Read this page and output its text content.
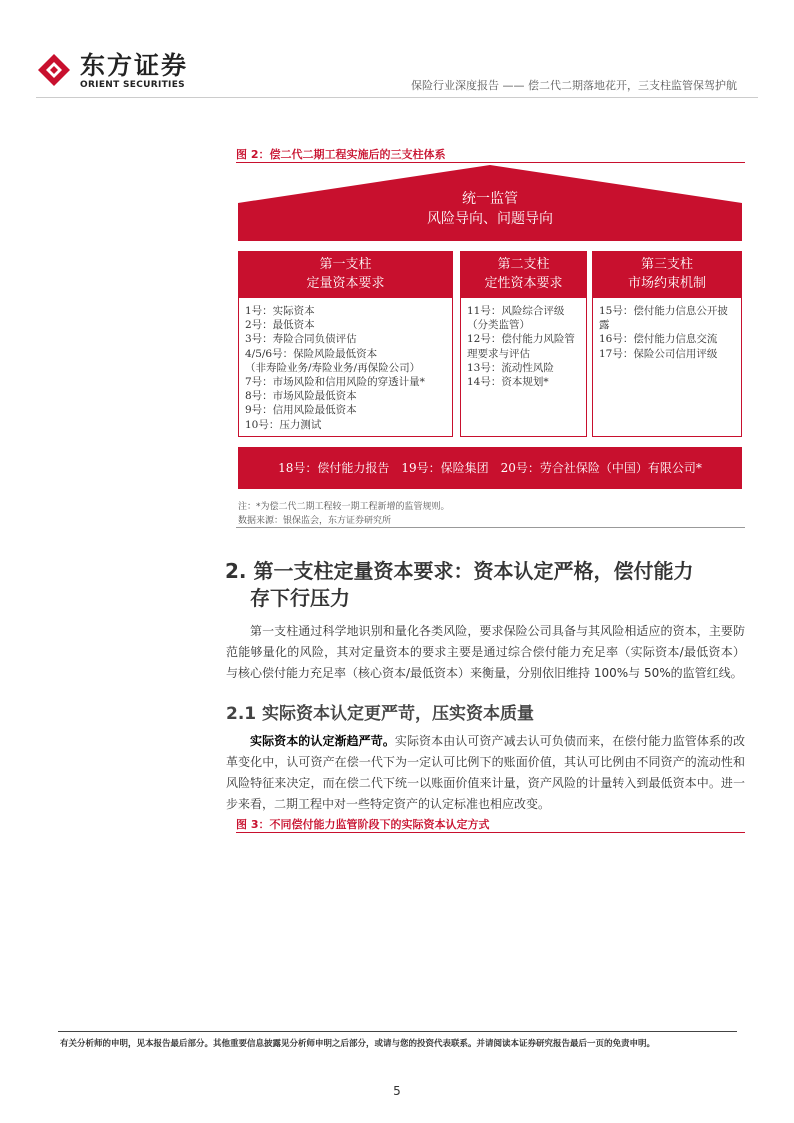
东方证券
ORIENT SECURITIES	保险行业深度报告 —— 偿二代二期落地花开，三支柱监管保驾护航
图 2：偿二代二期工程实施后的三支柱体系
统一监管
风险导向、问题导向
第一支柱
定量资本要求
1号：实际资本
2号：最低资本
3号：寿险合同负债评估
4/5/6号：保险风险最低资本
（非寿险业务/寿险业务/再保险公司）
7号：市场风险和信用风险的穿透计量*
8号：市场风险最低资本
9号：信用风险最低资本
10号：压力测试
第二支柱
定性资本要求
11号：风险综合评级
（分类监管）
12号：偿付能力风险管理要求与评估
13号：流动性风险
14号：资本规划*
第三支柱
市场约束机制
15号：偿付能力信息公开披露
16号：偿付能力信息交流
17号：保险公司信用评级
18号：偿付能力报告　19号：保险集团　20号：劳合社保险（中国）有限公司*
注：*为偿二代二期工程较一期工程新增的监管规则。
数据来源：银保监会，东方证券研究所
2. 第一支柱定量资本要求：资本认定严格，偿付能力
存下行压力
第一支柱通过科学地识别和量化各类风险，要求保险公司具备与其风险相适应的资本，主要防范能够量化的风险，其对定量资本的要求主要是通过综合偿付能力充足率（实际资本/最低资本）与核心偿付能力充足率（核心资本/最低资本）来衡量，分别依旧维持 100%与 50%的监管红线。
2.1 实际资本认定更严苛，压实资本质量
实际资本的认定渐趋严苛。实际资本由认可资产减去认可负债而来，在偿付能力监管体系的改革变化中，认可资产在偿一代下为一定认可比例下的账面价值，其认可比例由不同资产的流动性和风险特征来决定，而在偿二代下统一以账面价值来计量，资产风险的计量转入到最低资本中。进一步来看，二期工程中对一些特定资产的认定标准也相应改变。
图 3：不同偿付能力监管阶段下的实际资本认定方式
有关分析师的申明，见本报告最后部分。其他重要信息披露见分析师申明之后部分，或请与您的投资代表联系。并请阅读本证券研究报告最后一页的免责申明。
5
